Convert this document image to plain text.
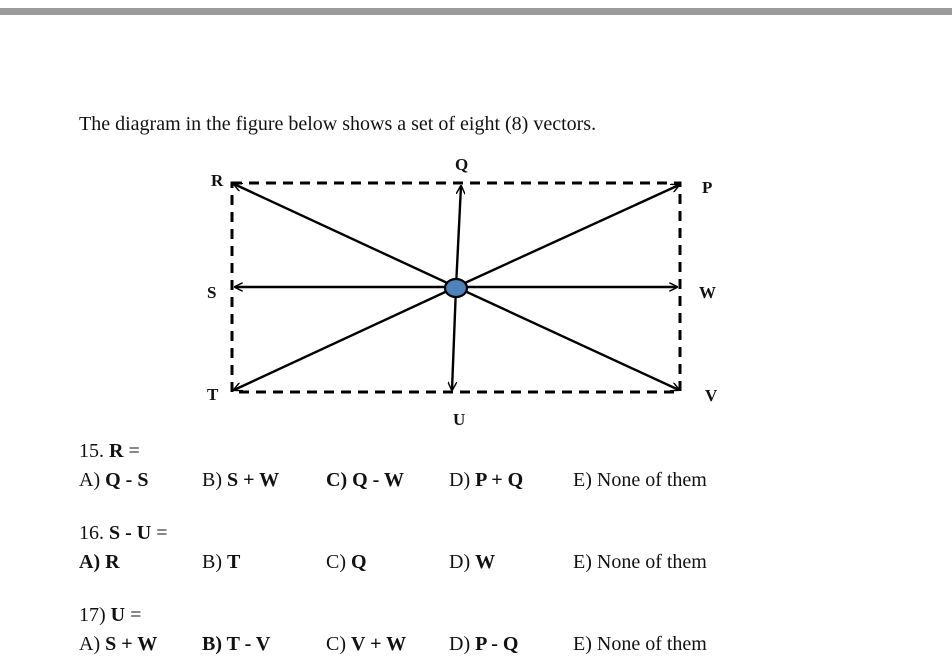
The diagram in the figure below shows a set of eight (8) vectors.
Q
R	P
S	W
T	V
U
15. R =
A) Q - S	B) S + W C) Q - W D) P + Q E) None of them
16. S - U =
A) R	B) T	C) Q	D) W	E) None of them
17) U =
A) S + W B) T - V	C) V + W D) P - Q	E) None of them
